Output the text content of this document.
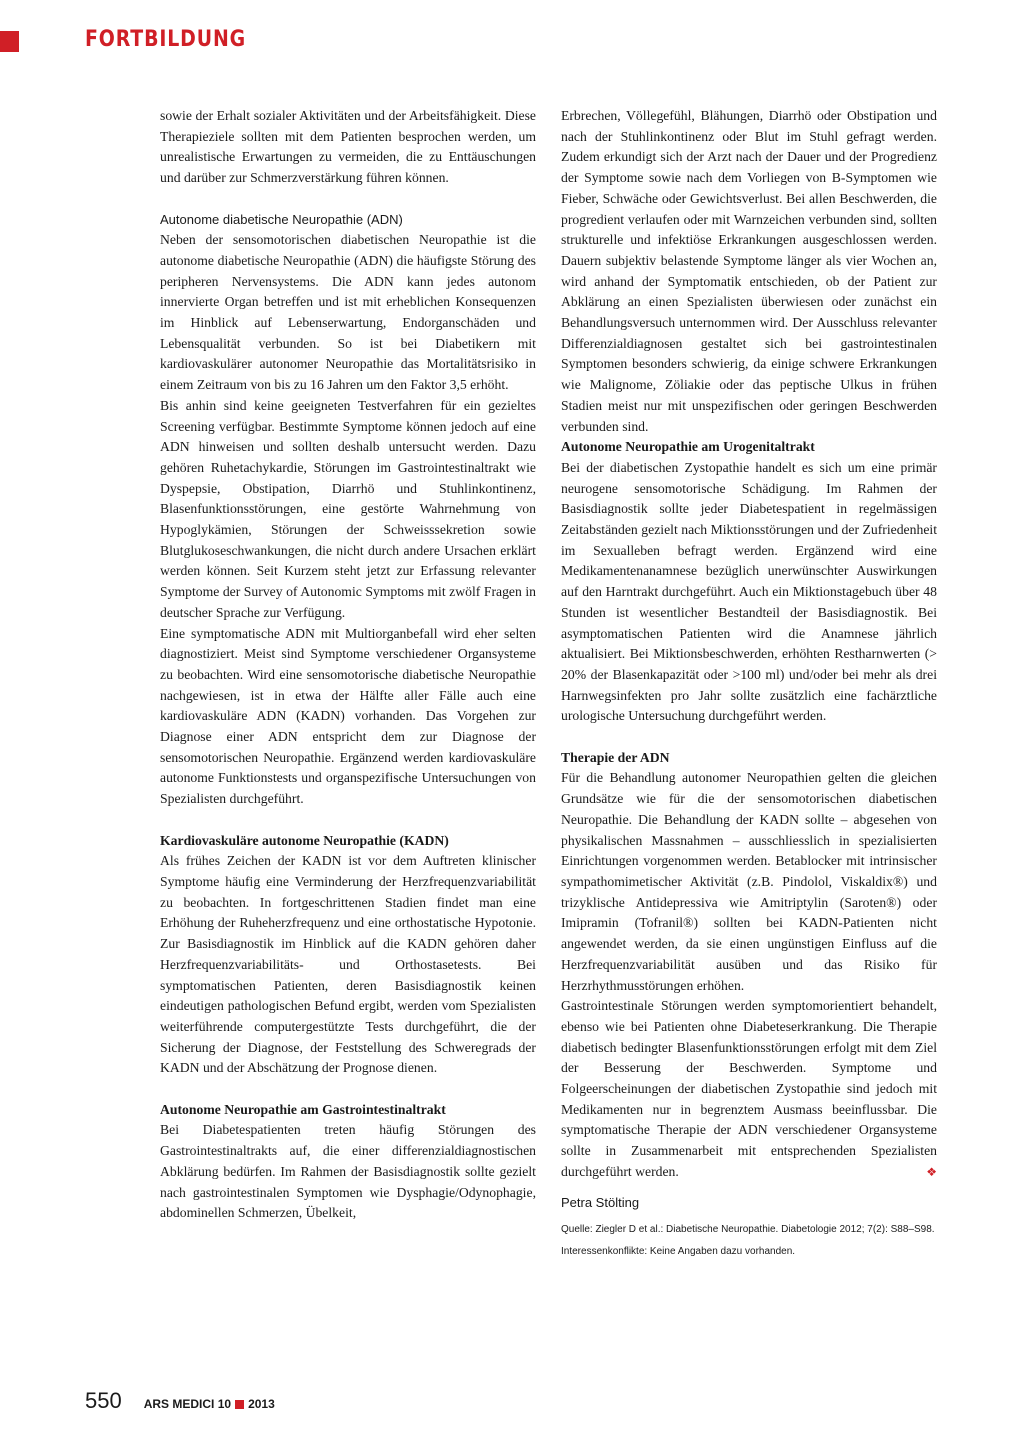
FORTBILDUNG

sowie der Erhalt sozialer Aktivitäten und der Arbeitsfähigkeit. Diese Therapieziele sollten mit dem Patienten besprochen werden, um unrealistische Erwartungen zu vermeiden, die zu Enttäuschungen und darüber zur Schmerzverstärkung führen können.

Autonome diabetische Neuropathie (ADN)

Neben der sensomotorischen diabetischen Neuropathie ist die autonome diabetische Neuropathie (ADN) die häufigste Störung des peripheren Nervensystems. Die ADN kann jedes autonom innervierte Organ betreffen und ist mit erheblichen Konsequenzen im Hinblick auf Lebenserwartung, Endorganschäden und Lebensqualität verbunden. So ist bei Diabetikern mit kardiovaskulärer autonomer Neuropathie das Mortalitätsrisiko in einem Zeitraum von bis zu 16 Jahren um den Faktor 3,5 erhöht.

Bis anhin sind keine geeigneten Testverfahren für ein gezieltes Screening verfügbar. Bestimmte Symptome können jedoch auf eine ADN hinweisen und sollten deshalb untersucht werden. Dazu gehören Ruhetachykardie, Störungen im Gastrointestinaltrakt wie Dyspepsie, Obstipation, Diarrhö und Stuhlinkontinenz, Blasenfunktionsstörungen, eine gestörte Wahrnehmung von Hypoglykämien, Störungen der Schweisssekretion sowie Blutglukoseschwankungen, die nicht durch andere Ursachen erklärt werden können. Seit Kurzem steht jetzt zur Erfassung relevanter Symptome der Survey of Autonomic Symptoms mit zwölf Fragen in deutscher Sprache zur Verfügung.

Eine symptomatische ADN mit Multiorganbefall wird eher selten diagnostiziert. Meist sind Symptome verschiedener Organsysteme zu beobachten. Wird eine sensomotorische diabetische Neuropathie nachgewiesen, ist in etwa der Hälfte aller Fälle auch eine kardiovaskuläre ADN (KADN) vorhanden. Das Vorgehen zur Diagnose einer ADN entspricht dem zur Diagnose der sensomotorischen Neuropathie. Ergänzend werden kardiovaskuläre autonome Funktionstests und organspezifische Untersuchungen von Spezialisten durchgeführt.

Kardiovaskuläre autonome Neuropathie (KADN)

Als frühes Zeichen der KADN ist vor dem Auftreten klinischer Symptome häufig eine Verminderung der Herzfrequenzvariabilität zu beobachten. In fortgeschrittenen Stadien findet man eine Erhöhung der Ruheherzfrequenz und eine orthostatische Hypotonie. Zur Basisdiagnostik im Hinblick auf die KADN gehören daher Herzfrequenzvariabilitäts- und Orthostasetests. Bei symptomatischen Patienten, deren Basisdiagnostik keinen eindeutigen pathologischen Befund ergibt, werden vom Spezialisten weiterführende computergestützte Tests durchgeführt, die der Sicherung der Diagnose, der Feststellung des Schweregrads der KADN und der Abschätzung der Prognose dienen.

Autonome Neuropathie am Gastrointestinaltrakt

Bei Diabetespatienten treten häufig Störungen des Gastrointestinaltrakts auf, die einer differenzialdiagnostischen Abklärung bedürfen. Im Rahmen der Basisdiagnostik sollte gezielt nach gastrointestinalen Symptomen wie Dysphagie/Odynophagie, abdominellen Schmerzen, Übelkeit,

Erbrechen, Völlegefühl, Blähungen, Diarrhö oder Obstipation und nach der Stuhlinkontinenz oder Blut im Stuhl gefragt werden. Zudem erkundigt sich der Arzt nach der Dauer und der Progredienz der Symptome sowie nach dem Vorliegen von B-Symptomen wie Fieber, Schwäche oder Gewichtsverlust. Bei allen Beschwerden, die progredient verlaufen oder mit Warnzeichen verbunden sind, sollten strukturelle und infektiöse Erkrankungen ausgeschlossen werden. Dauern subjektiv belastende Symptome länger als vier Wochen an, wird anhand der Symptomatik entschieden, ob der Patient zur Abklärung an einen Spezialisten überwiesen oder zunächst ein Behandlungsversuch unternommen wird. Der Ausschluss relevanter Differenzialdiagnosen gestaltet sich bei gastrointestinalen Symptomen besonders schwierig, da einige schwere Erkrankungen wie Malignome, Zöliakie oder das peptische Ulkus in frühen Stadien meist nur mit unspezifischen oder geringen Beschwerden verbunden sind.

Autonome Neuropathie am Urogenitaltrakt

Bei der diabetischen Zystopathie handelt es sich um eine primär neurogene sensomotorische Schädigung. Im Rahmen der Basisdiagnostik sollte jeder Diabetespatient in regelmässigen Zeitabständen gezielt nach Miktionsstörungen und der Zufriedenheit im Sexualleben befragt werden. Ergänzend wird eine Medikamentenanamnese bezüglich unerwünschter Auswirkungen auf den Harntrakt durchgeführt. Auch ein Miktionstagebuch über 48 Stunden ist wesentlicher Bestandteil der Basisdiagnostik. Bei asymptomatischen Patienten wird die Anamnese jährlich aktualisiert. Bei Miktionsbeschwerden, erhöhten Restharnwerten (> 20% der Blasenkapazität oder >100 ml) und/oder bei mehr als drei Harnwegsinfekten pro Jahr sollte zusätzlich eine fachärztliche urologische Untersuchung durchgeführt werden.

Therapie der ADN

Für die Behandlung autonomer Neuropathien gelten die gleichen Grundsätze wie für die der sensomotorischen diabetischen Neuropathie. Die Behandlung der KADN sollte – abgesehen von physikalischen Massnahmen – ausschliesslich in spezialisierten Einrichtungen vorgenommen werden. Betablocker mit intrinsischer sympathomimetischer Aktivität (z.B. Pindolol, Viskaldix®) und trizyklische Antidepressiva wie Amitriptylin (Saroten®) oder Imipramin (Tofranil®) sollten bei KADN-Patienten nicht angewendet werden, da sie einen ungünstigen Einfluss auf die Herzfrequenzvariabilität ausüben und das Risiko für Herzrhythmusstörungen erhöhen.

Gastrointestinale Störungen werden symptomorientiert behandelt, ebenso wie bei Patienten ohne Diabeteserkrankung. Die Therapie diabetisch bedingter Blasenfunktionsstörungen erfolgt mit dem Ziel der Besserung der Beschwerden. Symptome und Folgeerscheinungen der diabetischen Zystopathie sind jedoch mit Medikamenten nur in begrenztem Ausmass beeinflussbar. Die symptomatische Therapie der ADN verschiedener Organsysteme sollte in Zusammenarbeit mit entsprechenden Spezialisten durchgeführt werden.	❖

Petra Stölting
Quelle: Ziegler D et al.: Diabetische Neuropathie. Diabetologie 2012; 7(2): S88–S98.
Interessenkonflikte: Keine Angaben dazu vorhanden.
550 ARS MEDICI 10 2013
